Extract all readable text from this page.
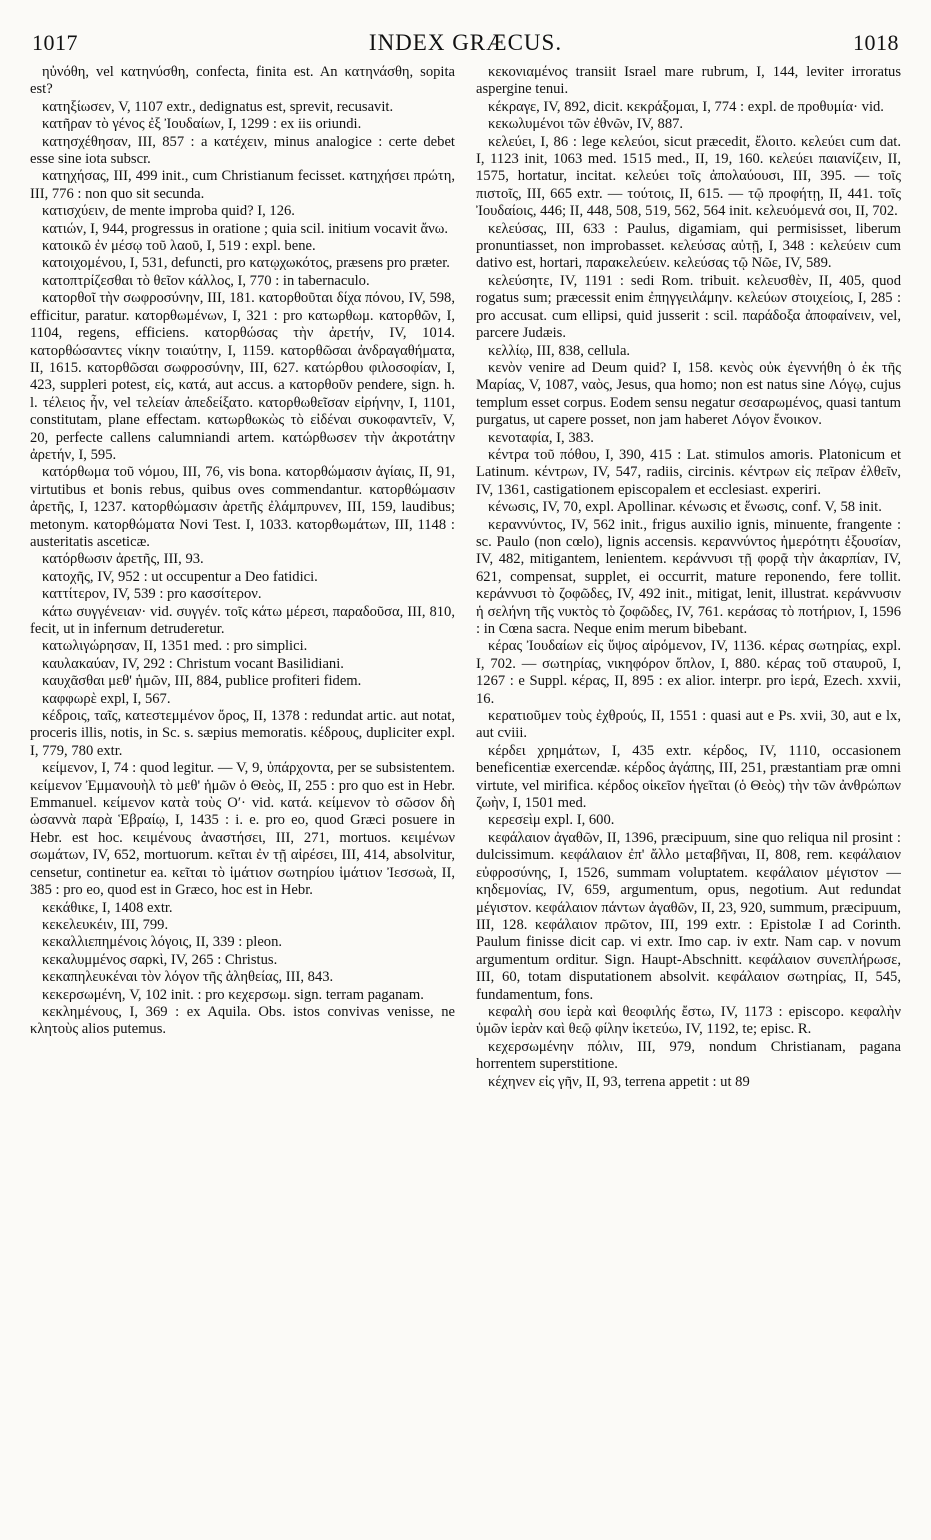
1017	INDEX GRÆCUS.	1018

ηὐνόθη, vel κατηνύσθη, confecta, finita est. An κατηνάσθη, sopita est?

κατηξίωσεν, V, 1107 extr., dedignatus est, sprevit, recusavit.

κατῆραν τὸ γένος ἐξ Ἰουδαίων, I, 1299 : ex iis oriundi.

κατησχέθησαν, III, 857 : a κατέχειν, minus analogice : certe debet esse sine iota subscr.

κατηχήσας, III, 499 init., cum Christianum fecisset. κατηχήσει πρώτη, III, 776 : non quo sit secunda.

κατισχύειν, de mente improba quid? I, 126.

κατιών, I, 944, progressus in oratione ; quia scil. initium vocavit ἄνω.

κατοικῶ ἐν μέσῳ τοῦ λαοῦ, I, 519 : expl. bene.

κατοιχομένου, I, 531, defuncti, pro κατῳχωκότος, præsens pro præter.

κατοπτρίζεσθαι τὸ θεῖον κάλλος, I, 770 : in tabernaculo.

κατορθοῖ τὴν σωφροσύνην, III, 181. κατορθοῦται δίχα πόνου, IV, 598, efficitur, paratur. κατορθωμένων, I, 321 : pro κατωρθωμ. κατορθῶν, I, 1104, regens, efficiens. κατορθώσας τὴν ἀρετήν, IV, 1014. κατορθώσαντες νίκην τοιαύτην, I, 1159. κατορθῶσαι ἀνδραγαθήματα, II, 1615. κατορθῶσαι σωφροσύνην, III, 627. κατώρθου φιλοσοφίαν, I, 423, suppleri potest, εἰς, κατά, aut accus. a κατορθοῦν pendere, sign. h. l. τέλειος ἦν, vel τελείαν ἀπεδείξατο. κατορθωθεῖσαν εἰρήνην, I, 1101, constitutam, plane effectam. κατωρθωκὼς τὸ εἰδέναι συκοφαντεῖν, V, 20, perfecte callens calumniandi artem. κατώρθωσεν τὴν ἀκροτάτην ἀρετήν, I, 595.

κατόρθωμα τοῦ νόμου, III, 76, vis bona. κατορθώμασιν ἁγίαις, II, 91, virtutibus et bonis rebus, quibus oves commendantur. κατορθώμασιν ἀρετῆς, I, 1237. κατορθώμασιν ἀρετῆς ἐλάμπρυνεν, III, 159, laudibus; metonym. κατορθώματα Novi Test. I, 1033. κατορθωμάτων, III, 1148 : austeritatis asceticæ.

κατόρθωσιν ἀρετῆς, III, 93.

κατοχῆς, IV, 952 : ut occupentur a Deo fatidici.

καττίτερον, IV, 539 : pro κασσίτερον.

κάτω συγγένειαν· vid. συγγέν. τοῖς κάτω μέρεσι, παραδοῦσα, III, 810, fecit, ut in infernum detruderetur.

κατωλιγώρησαν, II, 1351 med. : pro simplici.

καυλακαύαν, IV, 292 : Christum vocant Basilidiani.

καυχᾶσθαι μεθ' ἡμῶν, III, 884, publice profiteri fidem.

καφφωρὲ expl, I, 567.

κέδροις, ταῖς, κατεστεμμένον ὄρος, II, 1378 : redundat artic. aut notat, proceris illis, notis, in Sc. s. sæpius memoratis. κέδρους, dupliciter expl. I, 779, 780 extr.

κείμενον, I, 74 : quod legitur. — V, 9, ὑπάρχοντα, per se subsistentem. κείμενον Ἐμμανουὴλ τὸ μεθ' ἡμῶν ὁ Θεὸς, II, 255 : pro quo est in Hebr. Emmanuel. κείμενον κατὰ τοὺς Οʹ· vid. κατά. κείμενον τὸ σῶσον δὴ ὡσαννὰ παρὰ Ἑβραίῳ, I, 1435 : i. e. pro eo, quod Græci posuere in Hebr. est hoc. κειμένους ἀναστήσει, III, 271, mortuos. κειμένων σωμάτων, IV, 652, mortuorum. κεῖται ἐν τῇ αἱρέσει, III, 414, absolvitur, censetur, continetur ea. κεῖται τὸ ἱμάτιον σωτηρίου ἱμάτιον Ἰεσσωὰ, II, 385 : pro eo, quod est in Græco, hoc est in Hebr.

κεκάθικε, I, 1408 extr.

κεκελευκέιν, III, 799.

κεκαλλιεπημένοις λόγοις, II, 339 : pleon.

κεκαλυμμένος σαρκὶ, IV, 265 : Christus.

κεκαπηλευκέναι τὸν λόγον τῆς ἀληθείας, III, 843.

κεκερσωμένη, V, 102 init. : pro κεχερσωμ. sign. terram paganam.

κεκλημένους, I, 369 : ex Aquila. Obs. istos convivas venisse, ne κλητοὺς alios putemus.

κεκονιαμένος transiit Israel mare rubrum, I, 144, leviter irroratus aspergine tenui.

κέκραγε, IV, 892, dicit. κεκράξομαι, I, 774 : expl. de προθυμία· vid.

κεκωλυμένοι τῶν ἐθνῶν, IV, 887.

κελεύει, I, 86 : lege κελεύοι, sicut præcedit, ἔλοιτο. κελεύει cum dat. I, 1123 init, 1063 med. 1515 med., II, 19, 160. κελεύει παιανίζειν, II, 1575, hortatur, incitat. κελεύει τοῖς ἀπολαύουσι, III, 395. — τοῖς πιστοῖς, III, 665 extr. — τούτοις, II, 615. — τῷ προφήτῃ, II, 441. τοῖς Ἰουδαίοις, 446; II, 448, 508, 519, 562, 564 init. κελευόμενά σοι, II, 702.

κελεύσας, III, 633 : Paulus, digamiam, qui permisisset, liberum pronuntiasset, non improbasset. κελεύσας αὐτῇ, I, 348 : κελεύειν cum dativo est, hortari, παρακελεύειν. κελεύσας τῷ Νῶε, IV, 589.

κελεύσητε, IV, 1191 : sedi Rom. tribuit. κελευσθὲν, II, 405, quod rogatus sum; præcessit enim ἐπηγγειλάμην. κελεύων στοιχείοις, I, 285 : pro accusat. cum ellipsi, quid jusserit : scil. παράδοξα ἀποφαίνειν, vel, parcere Judæis.

κελλίῳ, III, 838, cellula.

κενὸν venire ad Deum quid? I, 158. κενὸς οὐκ ἐγεννήθη ὁ ἐκ τῆς Μαρίας, V, 1087, ναὸς, Jesus, qua homo; non est natus sine Λόγῳ, cujus templum esset corpus. Eodem sensu negatur σεσαρωμένος, quasi tantum purgatus, ut capere posset, non jam haberet Λόγον ἔνοικον.

κενοταφία, I, 383.

κέντρα τοῦ πόθου, I, 390, 415 : Lat. stimulos amoris. Platonicum et Latinum. κέντρων, IV, 547, radiis, circinis. κέντρων εἰς πεῖραν ἐλθεῖν, IV, 1361, castigationem episcopalem et ecclesiast. experiri.

κένωσις, IV, 70, expl. Apollinar. κένωσις et ἕνωσις, conf. V, 58 init.

κεραννύντος, IV, 562 init., frigus auxilio ignis, minuente, frangente : sc. Paulo (non cœlo), lignis accensis. κεραννύντος ἡμερότητι ἐξουσίαν, IV, 482, mitigantem, lenientem. κεράννυσι τῇ φορᾷ τὴν ἀκαρπίαν, IV, 621, compensat, supplet, ei occurrit, mature reponendo, fere tollit. κεράννυσι τὸ ζοφῶδες, IV, 492 init., mitigat, lenit, illustrat. κεράννυσιν ἡ σελήνη τῆς νυκτὸς τὸ ζοφῶδες, IV, 761. κεράσας τὸ ποτήριον, I, 1596 : in Cœna sacra. Neque enim merum bibebant.

κέρας Ἰουδαίων εἰς ὕψος αἰρόμενον, IV, 1136. κέρας σωτηρίας, expl. I, 702. — σωτηρίας, νικηφόρον ὅπλον, I, 880. κέρας τοῦ σταυροῦ, I, 1267 : e Suppl. κέρας, II, 895 : ex alior. interpr. pro ἱερά, Ezech. xxvii, 16.

κερατιοῦμεν τοὺς ἐχθρούς, II, 1551 : quasi aut e Ps. xvii, 30, aut e lx, aut cviii.

κέρδει χρημάτων, I, 435 extr. κέρδος, IV, 1110, occasionem beneficentiæ exercendæ. κέρδος ἀγάπης, III, 251, præstantiam præ omni virtute, vel mirifica. κέρδος οἰκεῖον ἡγεῖται (ὁ Θεὸς) τὴν τῶν ἀνθρώπων ζωὴν, I, 1501 med.

κερεσεὶμ expl. I, 600.

κεφάλαιον ἀγαθῶν, II, 1396, præcipuum, sine quo reliqua nil prosint : dulcissimum. κεφάλαιον ἐπ' ἄλλο μεταβῆναι, II, 808, rem. κεφάλαιον εὐφροσύνης, I, 1526, summam voluptatem. κεφάλαιον μέγιστον — κηδεμονίας, IV, 659, argumentum, opus, negotium. Aut redundat μέγιστον. κεφάλαιον πάντων ἀγαθῶν, II, 23, 920, summum, præcipuum, III, 128. κεφάλαιον πρῶτον, III, 199 extr. : Epistolæ I ad Corinth. Paulum finisse dicit cap. vi extr. Imo cap. iv extr. Nam cap. v novum argumentum orditur. Sign. Haupt-Abschnitt. κεφάλαιον συνεπλήρωσε, III, 60, totam disputationem absolvit. κεφάλαιον σωτηρίας, II, 545, fundamentum, fons.

κεφαλὴ σου ἱερὰ καὶ θεοφιλής ἔστω, IV, 1173 : episcopo. κεφαλὴν ὑμῶν ἱερὰν καὶ θεῷ φίλην ἱκετεύω, IV, 1192, te; episc. R.

κεχερσωμένην πόλιν, III, 979, nondum Christianam, pagana horrentem superstitione.

κέχηνεν εἰς γῆν, II, 93, terrena appetit : ut 89
